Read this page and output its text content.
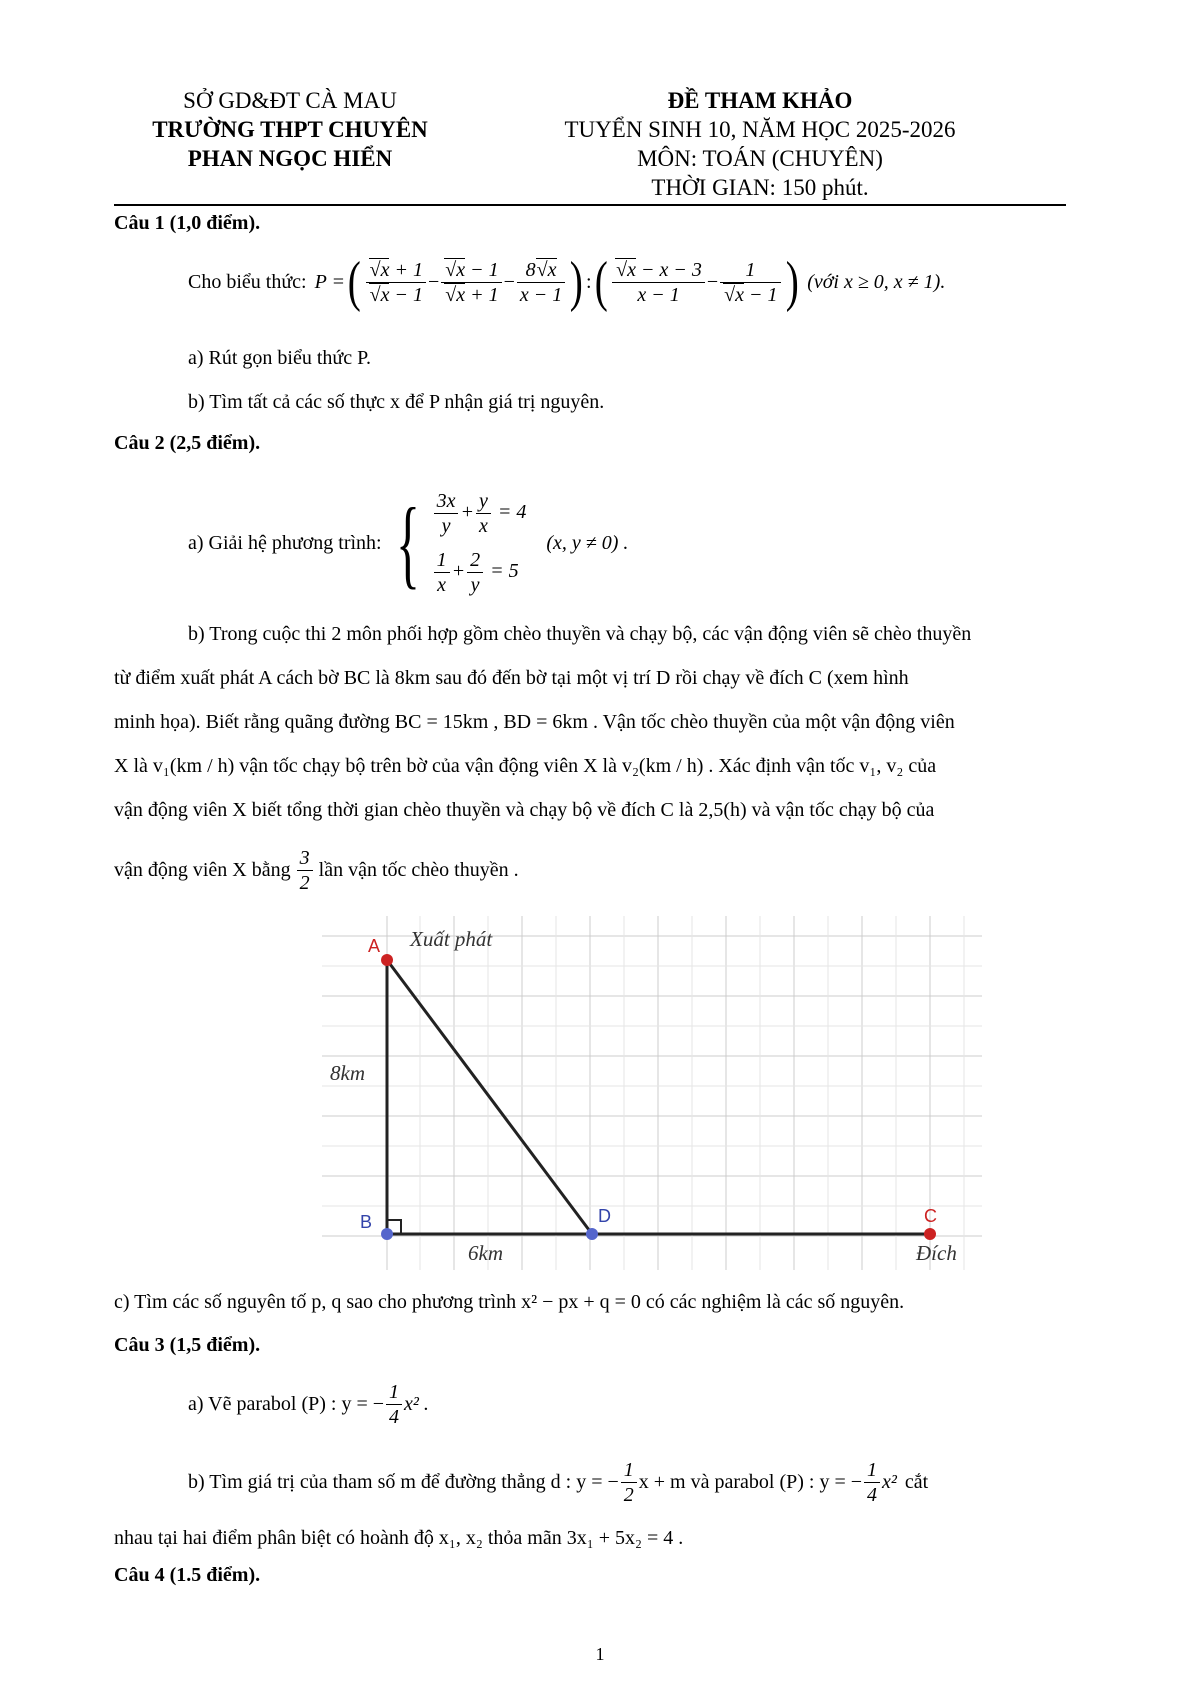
SỞ GD&ĐT CÀ MAU
TRƯỜNG THPT CHUYÊN
PHAN NGỌC HIỂN
ĐỀ THAM KHẢO
TUYỂN SINH 10, NĂM HỌC 2025-2026
MÔN: TOÁN (CHUYÊN)
THỜI GIAN: 150 phút.
Câu 1 (1,0 điểm).
Cho biểu thức: P = ( $\frac{√x + 1}{√x - 1} - \frac{√x - 1}{√x + 1} - \frac{8√x}{x - 1}$ ) : ( $\frac{√x - x - 3}{x - 1} - \frac{1}{√x - 1}$ ) (với x ≥ 0, x ≠ 1).
a) Rút gọn biểu thức P.
b) Tìm tất cả các số thực x để P nhận giá trị nguyên.
Câu 2 (2,5 điểm).
a) Giải hệ phương trình: { $\frac{3x}{y} + \frac{y}{x} = 4$
$\frac{1}{x} + \frac{2}{y} = 5$
(x, y ≠ 0) .
b) Trong cuộc thi 2 môn phối hợp gồm chèo thuyền và chạy bộ, các vận động viên sẽ chèo thuyền
từ điểm xuất phát A cách bờ BC là 8km sau đó đến bờ tại một vị trí D rồi chạy về đích C (xem hình
minh họa). Biết rằng quãng đường BC = 15km , BD = 6km . Vận tốc chèo thuyền của một vận động viên
X là v₁(km / h) vận tốc chạy bộ trên bờ của vận động viên X là v₂(km / h) . Xác định vận tốc v₁, v₂ của
vận động viên X biết tổng thời gian chèo thuyền và chạy bộ về đích C là 2,5(h) và vận tốc chạy bộ của
vận động viên X bằng $\frac{3}{2}$ lần vận tốc chèo thuyền .
A
B	D	C
Xuất phát
8km
6km	Đích
c) Tìm các số nguyên tố p, q sao cho phương trình x² − px + q = 0 có các nghiệm là các số nguyên.
Câu 3 (1,5 điểm).
a) Vẽ parabol (P) : y = − $\frac{1}{4} x^2$ .
b) Tìm giá trị của tham số m để đường thẳng d : y = − $\frac{1}{2}$ x + m và parabol (P) : y = − $\frac{1}{4} x^2$ cắt
nhau tại hai điểm phân biệt có hoành độ x₁, x₂ thỏa mãn 3x₁ + 5x₂ = 4 .
Câu 4 (1.5 điểm).
1
